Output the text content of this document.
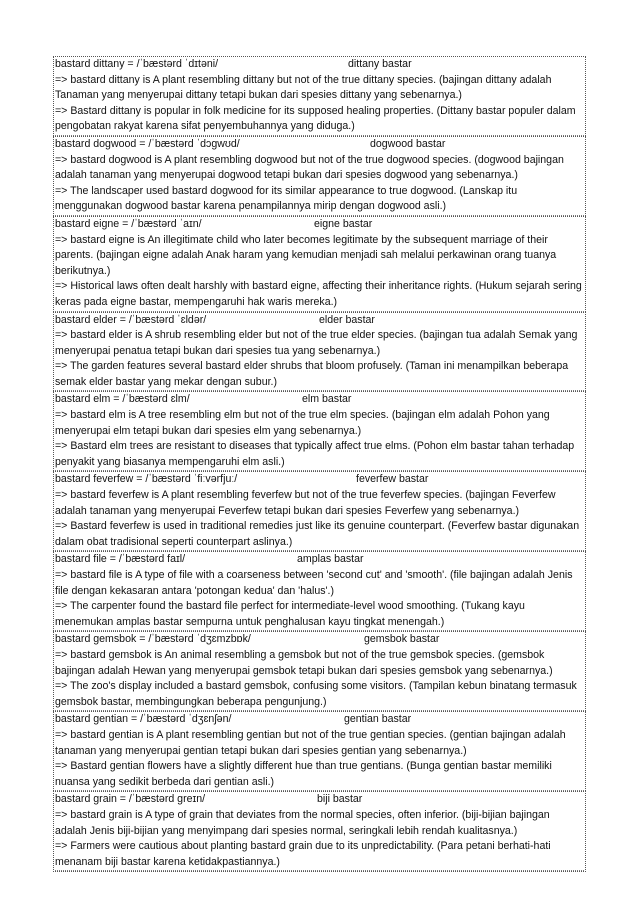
bastard dittany = /ˈbæstərd ˈdɪtəni/	dittany bastar
=> bastard dittany is A plant resembling dittany but not of the true dittany species. (bajingan dittany adalah Tanaman yang menyerupai dittany tetapi bukan dari spesies dittany yang sebenarnya.)
=> Bastard dittany is popular in folk medicine for its supposed healing properties. (Dittany bastar populer dalam pengobatan rakyat karena sifat penyembuhannya yang diduga.)
bastard dogwood = /ˈbæstərd ˈdɔɡwʊd/	dogwood bastar
=> bastard dogwood is A plant resembling dogwood but not of the true dogwood species. (dogwood bajingan adalah tanaman yang menyerupai dogwood tetapi bukan dari spesies dogwood yang sebenarnya.)
=> The landscaper used bastard dogwood for its similar appearance to true dogwood. (Lanskap itu menggunakan dogwood bastar karena penampilannya mirip dengan dogwood asli.)
bastard eigne = /ˈbæstərd ˈaɪn/	eigne bastar
=> bastard eigne is An illegitimate child who later becomes legitimate by the subsequent marriage of their parents. (bajingan eigne adalah Anak haram yang kemudian menjadi sah melalui perkawinan orang tuanya berikutnya.)
=> Historical laws often dealt harshly with bastard eigne, affecting their inheritance rights. (Hukum sejarah sering keras pada eigne bastar, mempengaruhi hak waris mereka.)
bastard elder = /ˈbæstərd ˈɛldər/	elder bastar
=> bastard elder is A shrub resembling elder but not of the true elder species. (bajingan tua adalah Semak yang menyerupai penatua tetapi bukan dari spesies tua yang sebenarnya.)
=> The garden features several bastard elder shrubs that bloom profusely. (Taman ini menampilkan beberapa semak elder bastar yang mekar dengan subur.)
bastard elm = /ˈbæstərd ɛlm/	elm bastar
=> bastard elm is A tree resembling elm but not of the true elm species. (bajingan elm adalah Pohon yang menyerupai elm tetapi bukan dari spesies elm yang sebenarnya.)
=> Bastard elm trees are resistant to diseases that typically affect true elms. (Pohon elm bastar tahan terhadap penyakit yang biasanya mempengaruhi elm asli.)
bastard feverfew = /ˈbæstərd ˈfiːvərfjuː/	feverfew bastar
=> bastard feverfew is A plant resembling feverfew but not of the true feverfew species. (bajingan Feverfew adalah tanaman yang menyerupai Feverfew tetapi bukan dari spesies Feverfew yang sebenarnya.)
=> Bastard feverfew is used in traditional remedies just like its genuine counterpart. (Feverfew bastar digunakan dalam obat tradisional seperti counterpart aslinya.)
bastard file = /ˈbæstərd faɪl/	amplas bastar
=> bastard file is A type of file with a coarseness between 'second cut' and 'smooth'. (file bajingan adalah Jenis file dengan kekasaran antara 'potongan kedua' dan 'halus'.)
=> The carpenter found the bastard file perfect for intermediate-level wood smoothing. (Tukang kayu menemukan amplas bastar sempurna untuk penghalusan kayu tingkat menengah.)
bastard gemsbok = /ˈbæstərd ˈdʒɛmzbɒk/	gemsbok bastar
=> bastard gemsbok is An animal resembling a gemsbok but not of the true gemsbok species. (gemsbok bajingan adalah Hewan yang menyerupai gemsbok tetapi bukan dari spesies gemsbok yang sebenarnya.)
=> The zoo's display included a bastard gemsbok, confusing some visitors. (Tampilan kebun binatang termasuk gemsbok bastar, membingungkan beberapa pengunjung.)
bastard gentian = /ˈbæstərd ˈdʒɛnʃən/	gentian bastar
=> bastard gentian is A plant resembling gentian but not of the true gentian species. (gentian bajingan adalah tanaman yang menyerupai gentian tetapi bukan dari spesies gentian yang sebenarnya.)
=> Bastard gentian flowers have a slightly different hue than true gentians. (Bunga gentian bastar memiliki nuansa yang sedikit berbeda dari gentian asli.)
bastard grain = /ˈbæstərd ɡreɪn/	biji bastar
=> bastard grain is A type of grain that deviates from the normal species, often inferior. (biji-bijian bajingan adalah Jenis biji-bijian yang menyimpang dari spesies normal, seringkali lebih rendah kualitasnya.)
=> Farmers were cautious about planting bastard grain due to its unpredictability. (Para petani berhati-hati menanam biji bastar karena ketidakpastiannya.)
